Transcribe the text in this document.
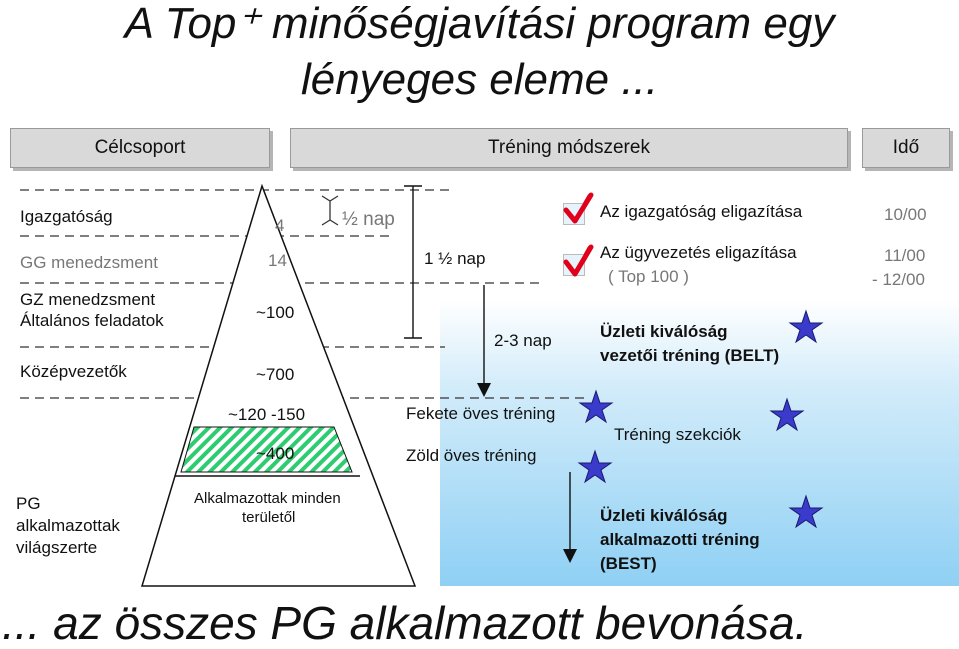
A Top⁺ minőségjavítási program egy
lényeges eleme ...
Célcsoport	Tréning módszerek	Idő
Igazgatóság
GG menedzsment
GZ menedzsment
Általános feladatok
Középvezetők
PG
alkalmazottak
világszerte
4
14
~100
~700
~120 -150
~400
Alkalmazottak minden
területől
½ nap
1 ½ nap
2-3 nap
Az igazgatóság eligazítása
Az ügyvezetés eligazítása
( Top 100 )
Üzleti kiválóság
vezetői tréning (BELT)
Fekete öves tréning
Zöld öves tréning
Tréning szekciók
Üzleti kiválóság
alkalmazotti tréning
(BEST)
10/00
11/00
- 12/00
... az összes PG alkalmazott bevonása.
